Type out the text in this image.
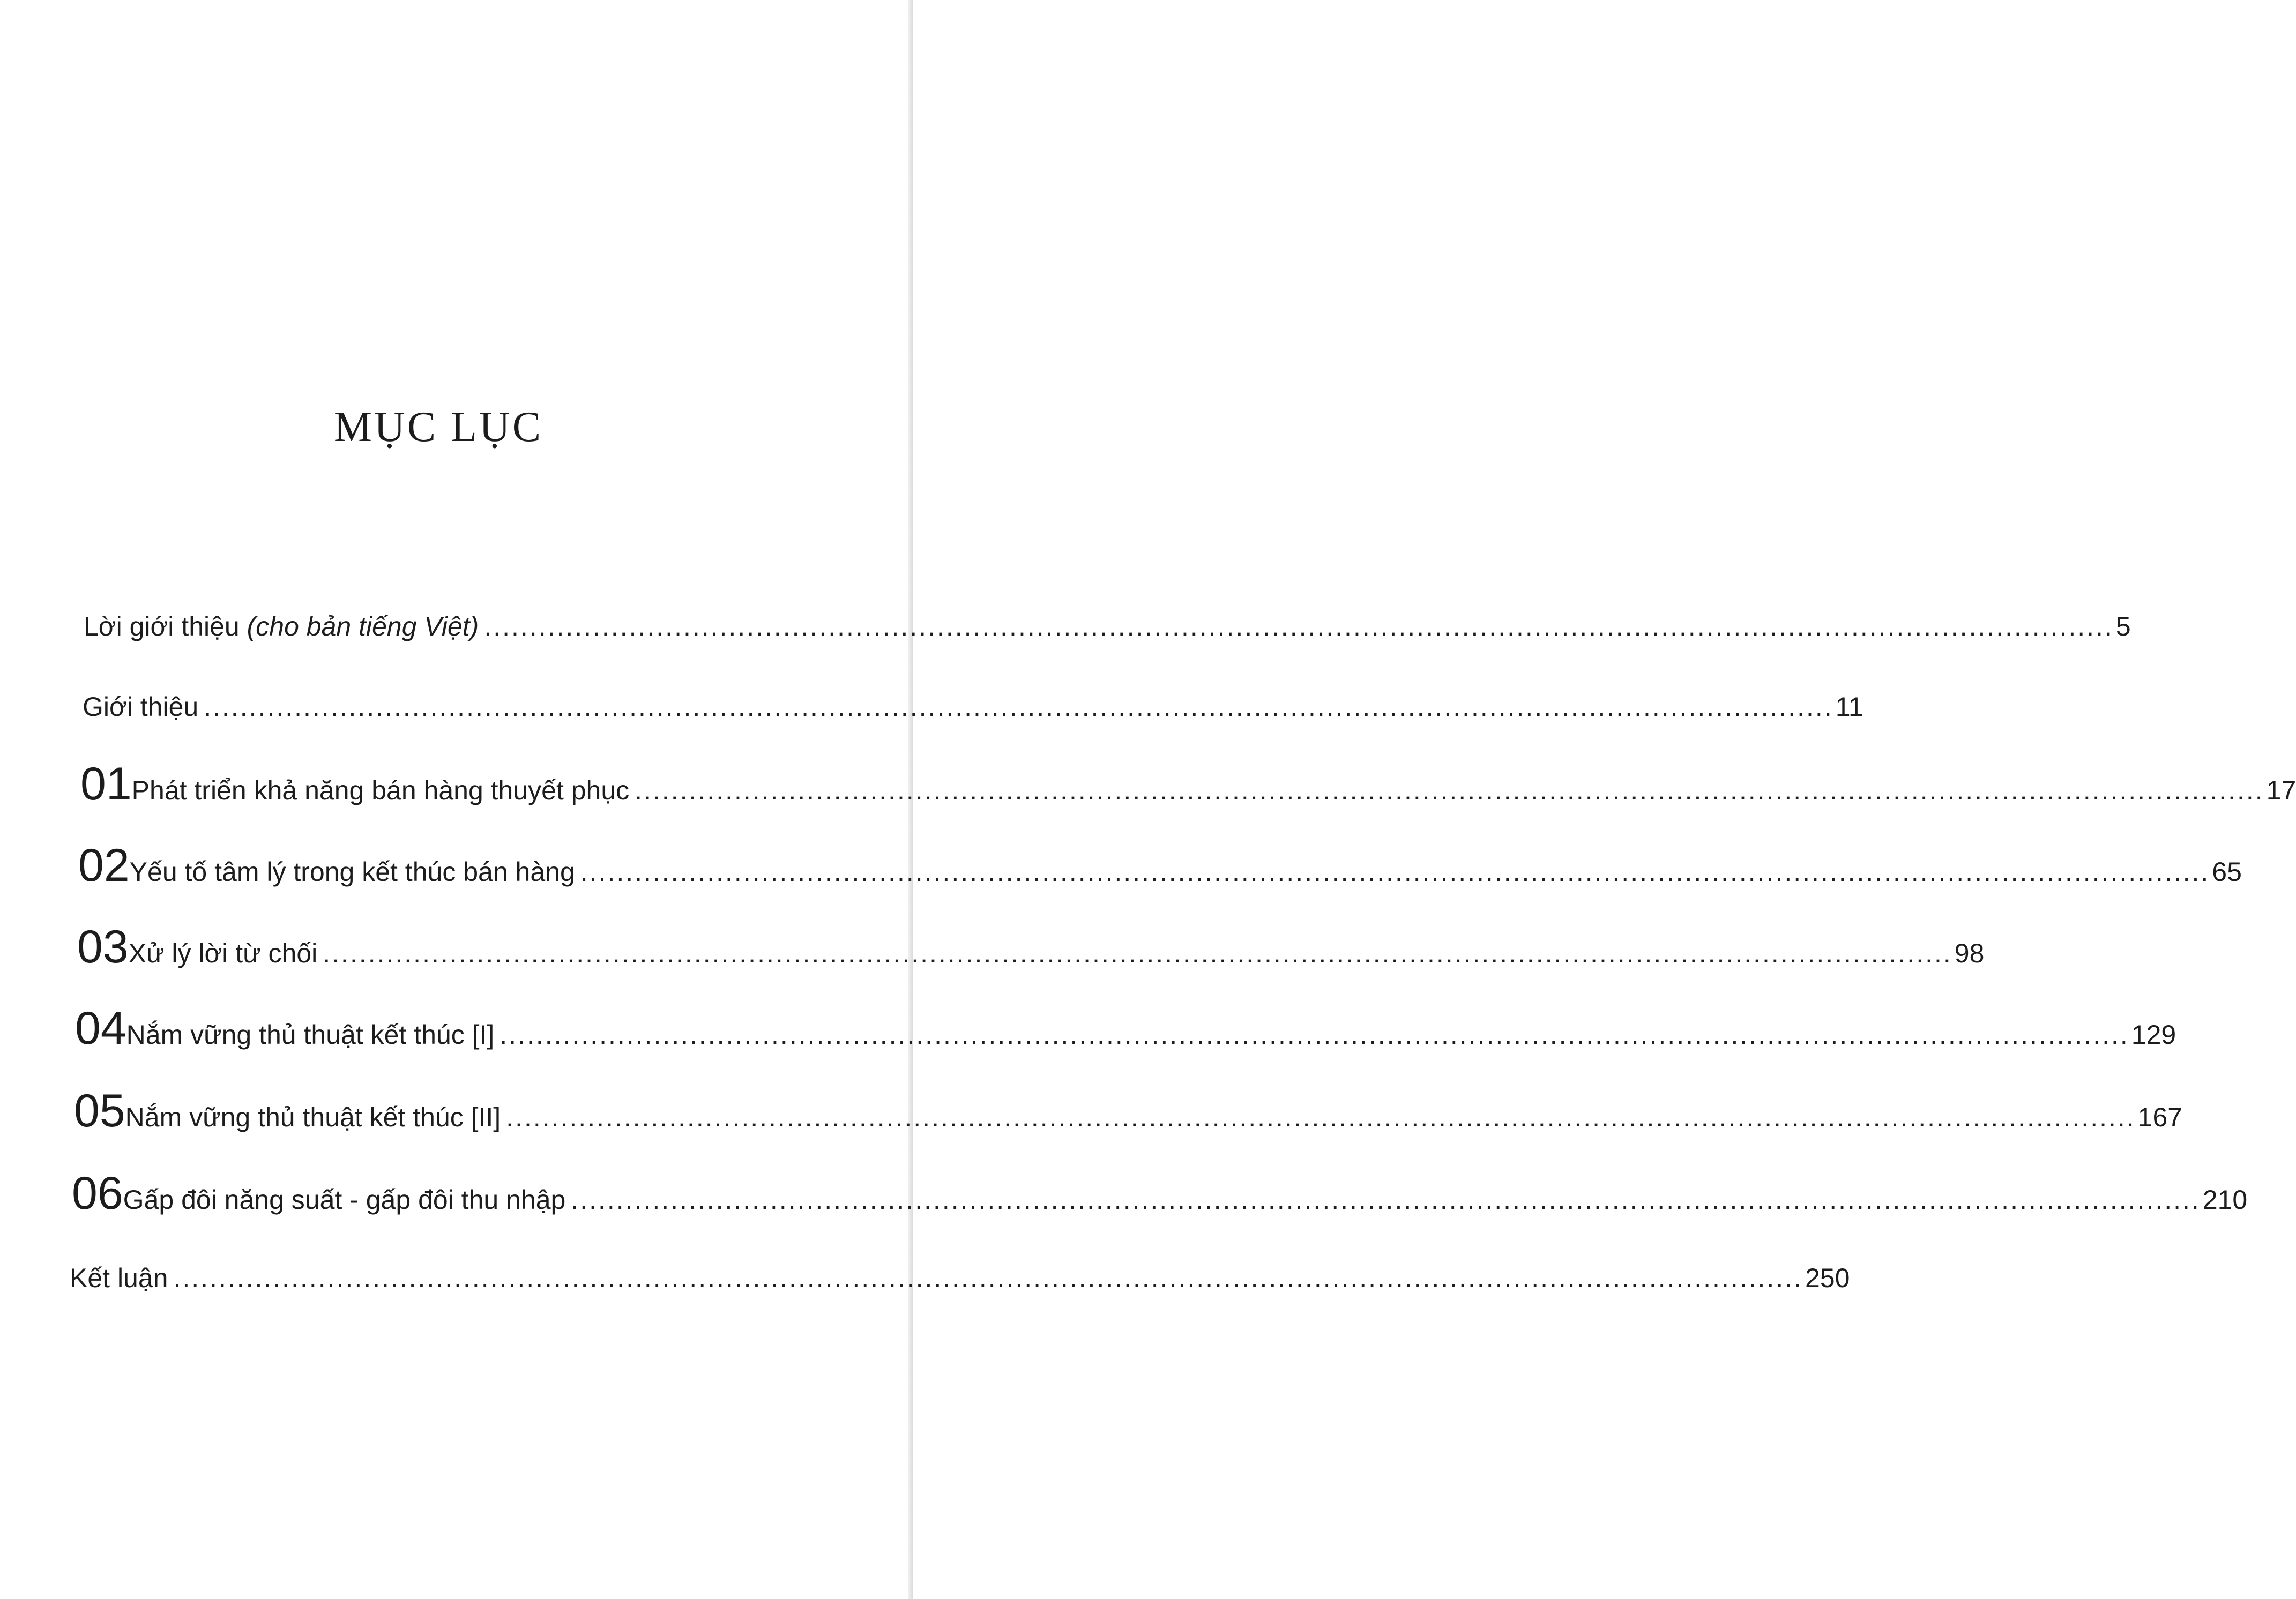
MỤC LỤC
Lời giới thiệu (cho bản tiếng Việt) .................................................................................................................................................................................... 5
Giới thiệu .................................................................................................................................................................................... 11
01 Phát triển khả năng bán hàng thuyết phục .................................................................................................................................................................................... 17
02 Yếu tố tâm lý trong kết thúc bán hàng .................................................................................................................................................................................... 65
03 Xử lý lời từ chối .................................................................................................................................................................................... 98
04 Nắm vững thủ thuật kết thúc [I] .................................................................................................................................................................................... 129
05 Nắm vững thủ thuật kết thúc [II] .................................................................................................................................................................................... 167
06 Gấp đôi năng suất - gấp đôi thu nhập .................................................................................................................................................................................... 210
Kết luận .................................................................................................................................................................................... 250
